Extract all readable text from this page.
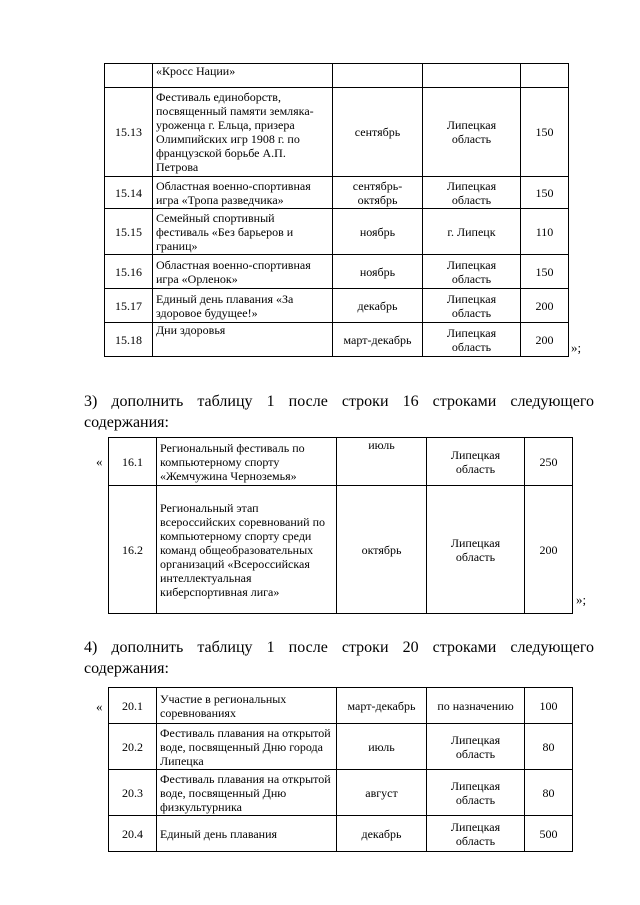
	«Кросс Нации»			
15.13	Фестиваль единоборств, посвященный памяти земляка-уроженца г. Ельца, призера Олимпийских игр 1908 г. по французской борьбе А.П. Петрова	сентябрь	Липецкая область	150
15.14	Областная военно-спортивная игра «Тропа разведчика»	сентябрь-октябрь	Липецкая область	150
15.15	Семейный спортивный фестиваль «Без барьеров и границ»	ноябрь	г. Липецк	110
15.16	Областная военно-спортивная игра «Орленок»	ноябрь	Липецкая область	150
15.17	Единый день плавания «За здоровое будущее!»	декабрь	Липецкая область	200
15.18	Дни здоровья	март-декабрь	Липецкая область	200
»;
3) дополнить таблицу 1 после строки 16 строками следующего
содержания:
« 16.1	Региональный фестиваль по компьютерному спорту «Жемчужина Черноземья»	июль	Липецкая область	250
16.2	Региональный этап всероссийских соревнований по компьютерному спорту среди команд общеобразовательных организаций «Всероссийская интеллектуальная киберспортивная лига»	октябрь	Липецкая область	200
»;
4) дополнить таблицу 1 после строки 20 строками следующего
содержания:
« 20.1	Участие в региональных соревнованиях	март-декабрь	по назначению	100
20.2	Фестиваль плавания на открытой воде, посвященный Дню города Липецка	июль	Липецкая область	80
20.3	Фестиваль плавания на открытой воде, посвященный Дню физкультурника	август	Липецкая область	80
20.4	Единый день плавания	декабрь	Липецкая область	500
